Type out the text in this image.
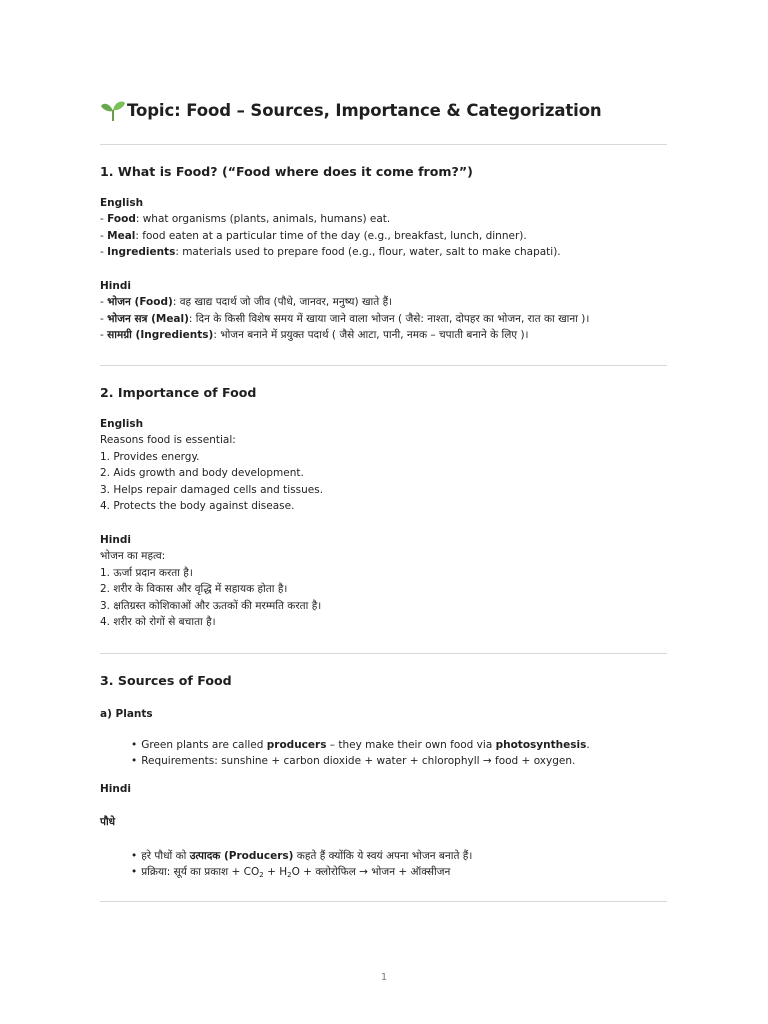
Topic: Food – Sources, Importance & Categorization
1. What is Food? (“Food where does it come from?”)
English
- Food: what organisms (plants, animals, humans) eat.
- Meal: food eaten at a particular time of the day (e.g., breakfast, lunch, dinner).
- Ingredients: materials used to prepare food (e.g., flour, water, salt to make chapati).
Hindi
- भोजन (Food): वह खाद्य पदार्थ जो जीव (पौधे, जानवर, मनुष्य) खाते हैं।
- भोजन सत्र (Meal): दिन के किसी विशेष समय में खाया जाने वाला भोजन ( जैसे: नाश्ता, दोपहर का भोजन, रात का खाना )।
- सामग्री (Ingredients): भोजन बनाने में प्रयुक्त पदार्थ ( जैसे आटा, पानी, नमक – चपाती बनाने के लिए )।
2. Importance of Food
English
Reasons food is essential:
1. Provides energy.
2. Aids growth and body development.
3. Helps repair damaged cells and tissues.
4. Protects the body against disease.
Hindi
भोजन का महत्व:
1. ऊर्जा प्रदान करता है।
2. शरीर के विकास और वृद्धि में सहायक होता है।
3. क्षतिग्रस्त कोशिकाओं और ऊतकों की मरम्मति करता है।
4. शरीर को रोगों से बचाता है।
3. Sources of Food
a) Plants
• Green plants are called producers – they make their own food via photosynthesis.
• Requirements: sunshine + carbon dioxide + water + chlorophyll → food + oxygen.
Hindi
पौधे
• हरे पौधों को उत्पादक (Producers) कहते हैं क्योंकि ये स्वयं अपना भोजन बनाते हैं।
• प्रक्रिया: सूर्य का प्रकाश + $CO_2 + H_2O$ + क्लोरोफिल → भोजन + ऑक्सीजन
1
